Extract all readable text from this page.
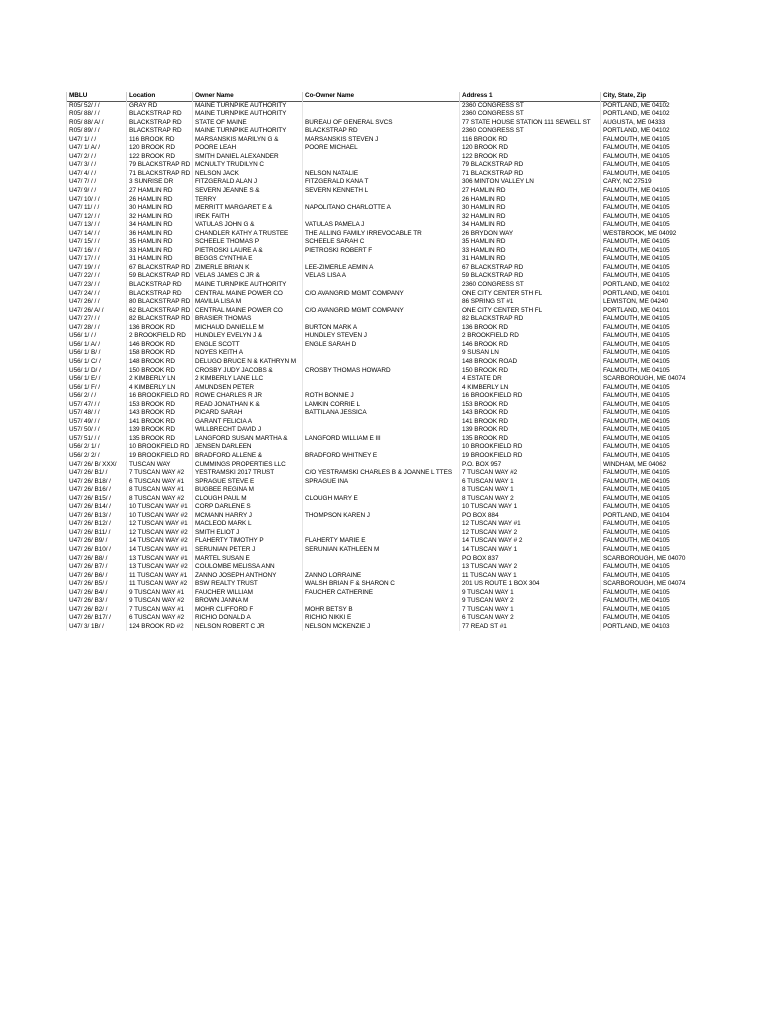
MBLU	Location	Owner Name	Co-Owner Name	Address 1	City, State, Zip
R05/ 52/ / /	GRAY RD	MAINE TURNPIKE AUTHORITY		2360 CONGRESS ST	PORTLAND, ME 04102
R05/ 88/ / /	BLACKSTRAP RD	MAINE TURNPIKE AUTHORITY		2360 CONGRESS ST	PORTLAND, ME 04102
R05/ 88/ A/ /	BLACKSTRAP RD	STATE OF MAINE	BUREAU OF GENERAL SVCS	77 STATE HOUSE STATION 111 SEWELL ST	AUGUSTA, ME 04333
R05/ 89/ / /	BLACKSTRAP RD	MAINE TURNPIKE AUTHORITY	BLACKSTRAP RD	2360 CONGRESS ST	PORTLAND, ME 04102
U47/ 1/ / /	116 BROOK RD	MARSANSKIS MARILYN G &	MARSANSKIS STEVEN J	116 BROOK RD	FALMOUTH, ME 04105
U47/ 1/ A/ /	120 BROOK RD	POORE LEAH	POORE MICHAEL	120 BROOK RD	FALMOUTH, ME 04105
U47/ 2/ / /	122 BROOK RD	SMITH DANIEL ALEXANDER		122 BROOK RD	FALMOUTH, ME 04105
U47/ 3/ / /	79 BLACKSTRAP RD	MCNULTY TRUDILYN C		79 BLACKSTRAP RD	FALMOUTH, ME 04105
U47/ 4/ / /	71 BLACKSTRAP RD	NELSON JACK	NELSON NATALIE	71 BLACKSTRAP RD	FALMOUTH, ME 04105
U47/ 7/ / /	3 SUNRISE DR	FITZGERALD ALAN J	FITZGERALD KANA T	306 MINTON VALLEY LN	CARY, NC 27519
U47/ 9/ / /	27 HAMLIN RD	SEVERN JEANNE S &	SEVERN KENNETH L	27 HAMLIN RD	FALMOUTH, ME 04105
U47/ 10/ / /	26 HAMLIN RD	TERRY		26 HAMLIN RD	FALMOUTH, ME 04105
U47/ 11/ / /	30 HAMLIN RD	MERRITT MARGARET E &	NAPOLITANO CHARLOTTE A	30 HAMLIN RD	FALMOUTH, ME 04105
U47/ 12/ / /	32 HAMLIN RD	IREK FAITH		32 HAMLIN RD	FALMOUTH, ME 04105
U47/ 13/ / /	34 HAMLIN RD	VATULAS JOHN G &	VATULAS PAMELA J	34 HAMLIN RD	FALMOUTH, ME 04105
U47/ 14/ / /	36 HAMLIN RD	CHANDLER KATHY A TRUSTEE	THE ALLING FAMILY IRREVOCABLE TR	26 BRYDON WAY	WESTBROOK, ME 04092
U47/ 15/ / /	35 HAMLIN RD	SCHEELE THOMAS P	SCHEELE SARAH C	35 HAMLIN RD	FALMOUTH, ME 04105
U47/ 16/ / /	33 HAMLIN RD	PIETROSKI LAURE A &	PIETROSKI ROBERT F	33 HAMLIN RD	FALMOUTH, ME 04105
U47/ 17/ / /	31 HAMLIN RD	BEGGS CYNTHIA E		31 HAMLIN RD	FALMOUTH, ME 04105
U47/ 19/ / /	67 BLACKSTRAP RD	ZIMERLE BRIAN K	LEE-ZIMERLE AEMIN A	67 BLACKSTRAP RD	FALMOUTH, ME 04105
U47/ 22/ / /	59 BLACKSTRAP RD	VELAS JAMES C JR &	VELAS LISA A	59 BLACKSTRAP RD	FALMOUTH, ME 04105
U47/ 23/ / /	BLACKSTRAP RD	MAINE TURNPIKE AUTHORITY		2360 CONGRESS ST	PORTLAND, ME 04102
U47/ 24/ / /	BLACKSTRAP RD	CENTRAL MAINE POWER CO	C/O AVANGRID MGMT COMPANY	ONE CITY CENTER 5TH FL	PORTLAND, ME 04101
U47/ 26/ / /	80 BLACKSTRAP RD	MAVILIA LISA M		86 SPRING ST #1	LEWISTON, ME 04240
U47/ 26/ A/ /	62 BLACKSTRAP RD	CENTRAL MAINE POWER CO	C/O AVANGRID MGMT COMPANY	ONE CITY CENTER 5TH FL	PORTLAND, ME 04101
U47/ 27/ / /	82 BLACKSTRAP RD	BRASIER THOMAS		82 BLACKSTRAP RD	FALMOUTH, ME 04105
U47/ 28/ / /	136 BROOK RD	MICHAUD DANIELLE M	BURTON MARK A	136 BROOK RD	FALMOUTH, ME 04105
U56/ 1/ / /	2 BROOKFIELD RD	HUNDLEY EVELYN J &	HUNDLEY STEVEN J	2 BROOKFIELD RD	FALMOUTH, ME 04105
U56/ 1/ A/ /	146 BROOK RD	ENGLE SCOTT	ENGLE SARAH D	146 BROOK RD	FALMOUTH, ME 04105
U56/ 1/ B/ /	158 BROOK RD	NOYES KEITH A		9 SUSAN LN	FALMOUTH, ME 04105
U56/ 1/ C/ /	148 BROOK RD	DELUGO BRUCE N & KATHRYN M		148 BROOK ROAD	FALMOUTH, ME 04105
U56/ 1/ D/ /	150 BROOK RD	CROSBY JUDY JACOBS &	CROSBY THOMAS HOWARD	150 BROOK RD	FALMOUTH, ME 04105
U56/ 1/ E/ /	2 KIMBERLY LN	2 KIMBERLY LANE LLC		4 ESTATE DR	SCARBOROUGH, ME 04074
U56/ 1/ F/ /	4 KIMBERLY LN	AMUNDSEN PETER		4 KIMBERLY LN	FALMOUTH, ME 04105
U56/ 2/ / /	16 BROOKFIELD RD	ROWE CHARLES R JR	ROTH BONNIE J	16 BROOKFIELD RD	FALMOUTH, ME 04105
U57/ 47/ / /	153 BROOK RD	READ JONATHAN K &	LAMKIN CORRIE L	153 BROOK RD	FALMOUTH, ME 04105
U57/ 48/ / /	143 BROOK RD	PICARD SARAH	BATTILANA JESSICA	143 BROOK RD	FALMOUTH, ME 04105
U57/ 49/ / /	141 BROOK RD	GARANT FELICIA A		141 BROOK RD	FALMOUTH, ME 04105
U57/ 50/ / /	139 BROOK RD	WILLBRECHT DAVID J		139 BROOK RD	FALMOUTH, ME 04105
U57/ 51/ / /	135 BROOK RD	LANGFORD SUSAN MARTHA &	LANGFORD WILLIAM E III	135 BROOK RD	FALMOUTH, ME 04105
U56/ 2/ 1/ /	10 BROOKFIELD RD	JENSEN DARLEEN		10 BROOKFIELD RD	FALMOUTH, ME 04105
U56/ 2/ 2/ /	19 BROOKFIELD RD	BRADFORD ALLENE &	BRADFORD WHITNEY E	19 BROOKFIELD RD	FALMOUTH, ME 04105
U47/ 26/ B/ XXX/	TUSCAN WAY	CUMMINGS PROPERTIES LLC		P.O. BOX 957	WINDHAM, ME 04062
U47/ 26/ B1/ /	7 TUSCAN WAY #2	YESTRAMSKI 2017 TRUST	C/O YESTRAMSKI CHARLES B & JOANNE L TTES	7 TUSCAN WAY #2	FALMOUTH, ME 04105
U47/ 26/ B18/ /	6 TUSCAN WAY #1	SPRAGUE STEVE E	SPRAGUE INA	6 TUSCAN WAY 1	FALMOUTH, ME 04105
U47/ 26/ B16/ /	8 TUSCAN WAY #1	BUGBEE REGINA M		8 TUSCAN WAY 1	FALMOUTH, ME 04105
U47/ 26/ B15/ /	8 TUSCAN WAY #2	CLOUGH PAUL M	CLOUGH MARY E	8 TUSCAN WAY 2	FALMOUTH, ME 04105
U47/ 26/ B14/ /	10 TUSCAN WAY #1	CORP DARLENE S		10 TUSCAN WAY 1	FALMOUTH, ME 04105
U47/ 26/ B13/ /	10 TUSCAN WAY #2	MCMANN HARRY J	THOMPSON KAREN J	PO BOX 884	PORTLAND, ME 04104
U47/ 26/ B12/ /	12 TUSCAN WAY #1	MACLEOD MARK L		12 TUSCAN WAY #1	FALMOUTH, ME 04105
U47/ 26/ B11/ /	12 TUSCAN WAY #2	SMITH ELIOT J		12 TUSCAN WAY 2	FALMOUTH, ME 04105
U47/ 26/ B9/ /	14 TUSCAN WAY #2	FLAHERTY TIMOTHY P	FLAHERTY MARIE E	14 TUSCAN WAY # 2	FALMOUTH, ME 04105
U47/ 26/ B10/ /	14 TUSCAN WAY #1	SERUNIAN PETER J	SERUNIAN KATHLEEN M	14 TUSCAN WAY 1	FALMOUTH, ME 04105
U47/ 26/ B8/ /	13 TUSCAN WAY #1	MARTEL SUSAN E		PO BOX 837	SCARBOROUGH, ME 04070
U47/ 26/ B7/ /	13 TUSCAN WAY #2	COULOMBE MELISSA ANN		13 TUSCAN WAY 2	FALMOUTH, ME 04105
U47/ 26/ B6/ /	11 TUSCAN WAY #1	ZANNO JOSEPH ANTHONY	ZANNO LORRAINE	11 TUSCAN WAY 1	FALMOUTH, ME 04105
U47/ 26/ B5/ /	11 TUSCAN WAY #2	BSW REALTY TRUST	WALSH BRIAN F & SHARON C	201 US ROUTE 1 BOX 304	SCARBOROUGH, ME 04074
U47/ 26/ B4/ /	9 TUSCAN WAY #1	FAUCHER WILLIAM	FAUCHER CATHERINE	9 TUSCAN WAY 1	FALMOUTH, ME 04105
U47/ 26/ B3/ /	9 TUSCAN WAY #2	BROWN JANNA M		9 TUSCAN WAY 2	FALMOUTH, ME 04105
U47/ 26/ B2/ /	7 TUSCAN WAY #1	MOHR CLIFFORD F	MOHR BETSY B	7 TUSCAN WAY 1	FALMOUTH, ME 04105
U47/ 26/ B17/ /	6 TUSCAN WAY #2	RICHIO DONALD A	RICHIO NIKKI E	6 TUSCAN WAY 2	FALMOUTH, ME 04105
U47/ 3/ 1B/ /	124 BROOK RD #2	NELSON ROBERT C JR	NELSON MCKENZIE J	77 READ ST #1	PORTLAND, ME 04103
